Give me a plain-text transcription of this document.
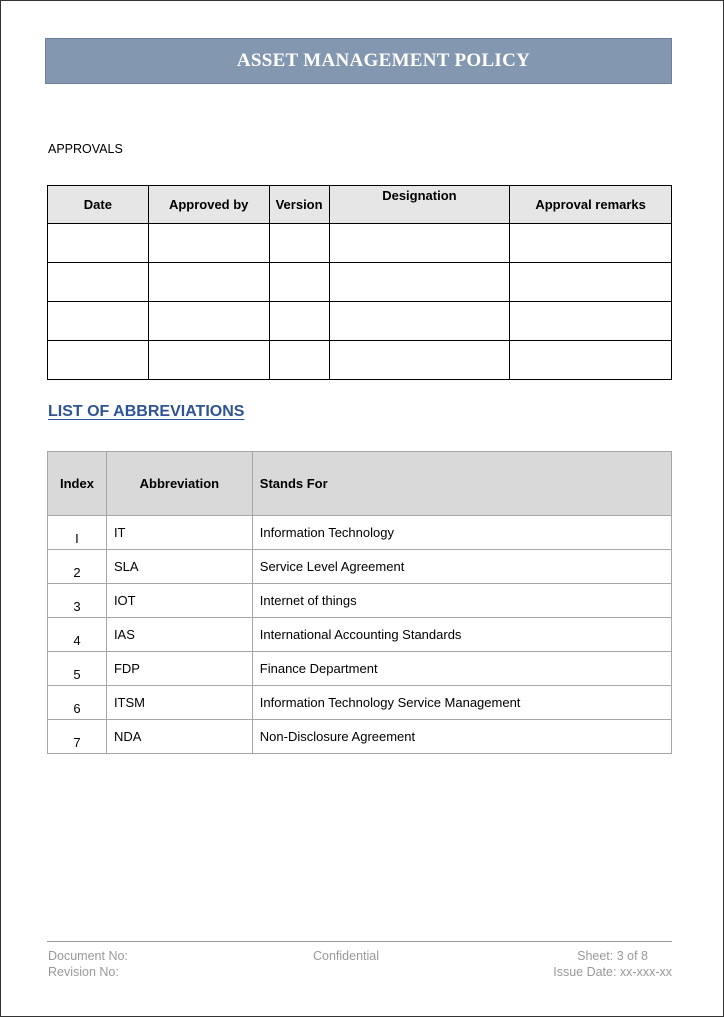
ASSET MANAGEMENT POLICY
APPROVALS
Date	Approved by	Version	Designation	Approval remarks

LIST OF ABBREVIATIONS
Index	Abbreviation	Stands For
I	IT	Information Technology
2	SLA	Service Level Agreement
3	IOT	Internet of things
4	IAS	International Accounting Standards
5	FDP	Finance Department
6	ITSM	Information Technology Service Management
7	NDA	Non-Disclosure Agreement
Document No:
Revision No:
Confidential	Sheet: 3 of 8
Issue Date: xx-xxx-xx
